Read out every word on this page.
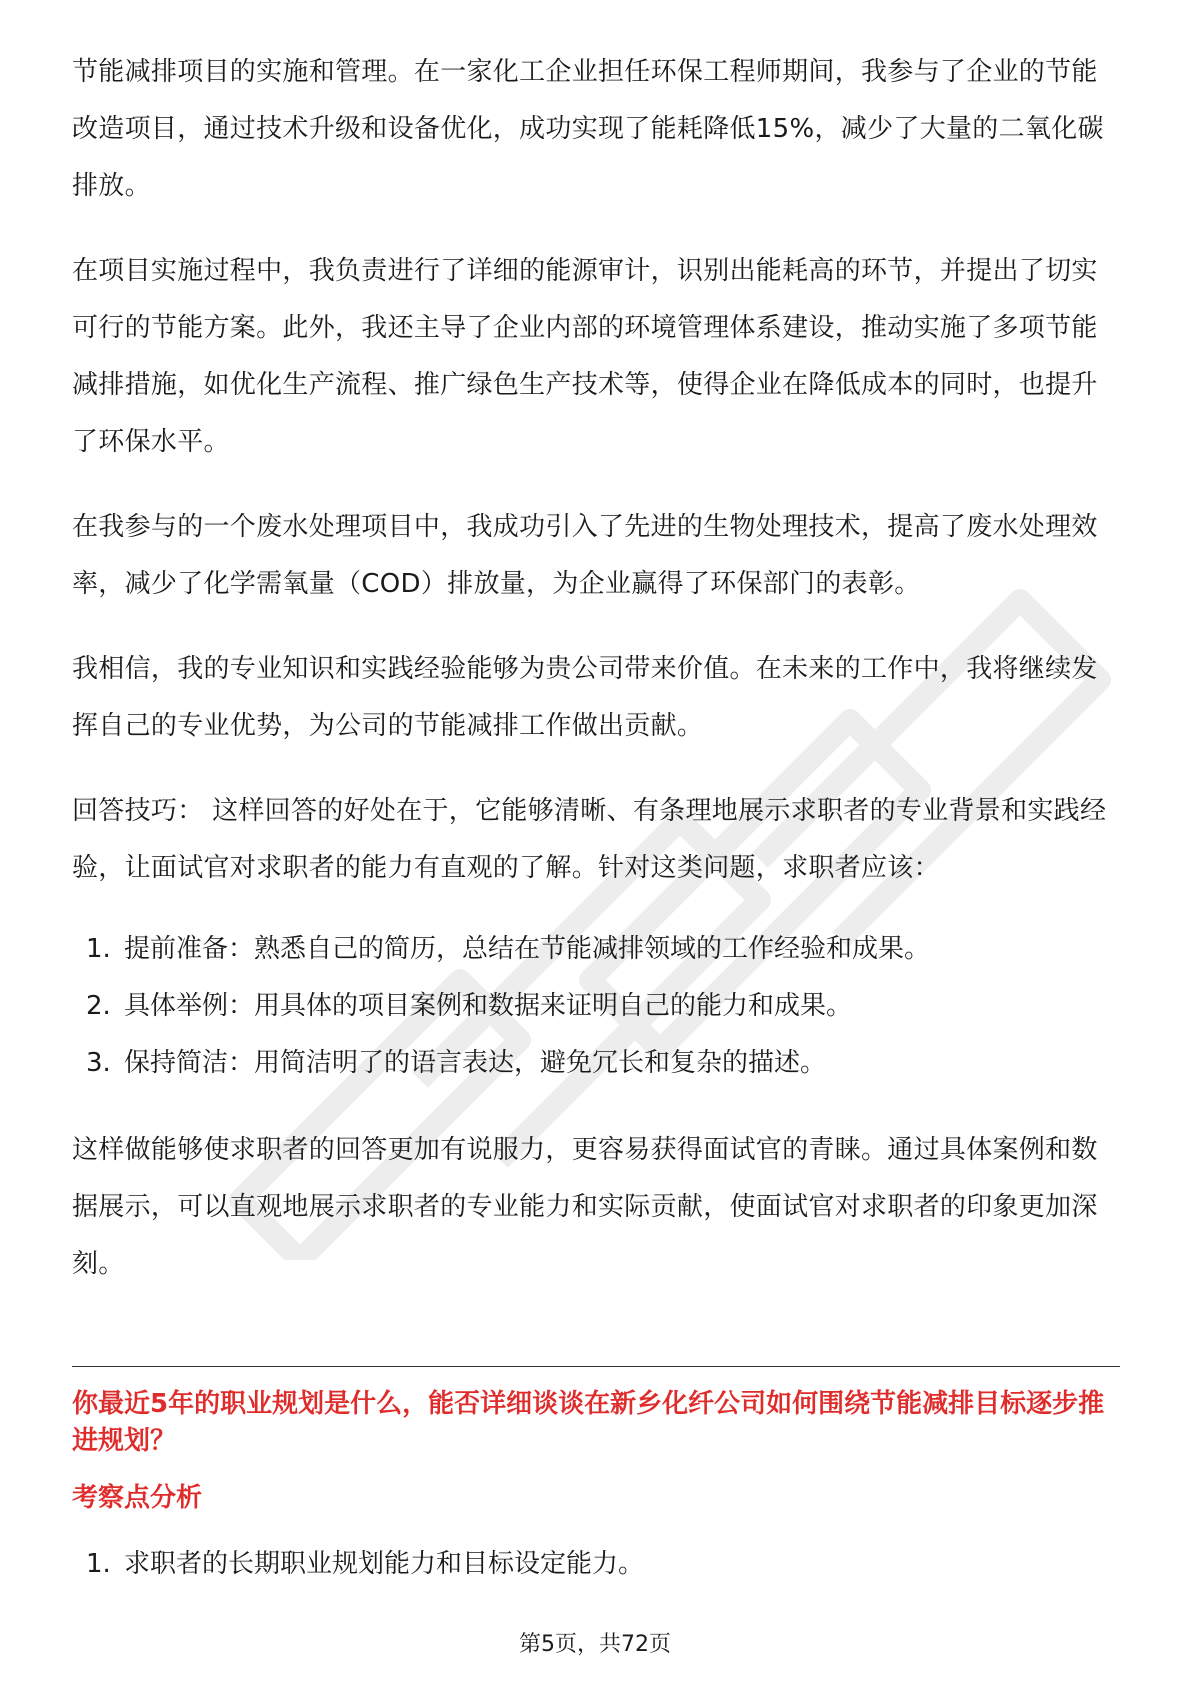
节能减排项目的实施和管理。在一家化工企业担任环保工程师期间，我参与了企业的节能改造项目，通过技术升级和设备优化，成功实现了能耗降低15%，减少了大量的二氧化碳排放。

在项目实施过程中，我负责进行了详细的能源审计，识别出能耗高的环节，并提出了切实可行的节能方案。此外，我还主导了企业内部的环境管理体系建设，推动实施了多项节能减排措施，如优化生产流程、推广绿色生产技术等，使得企业在降低成本的同时，也提升了环保水平。

在我参与的一个废水处理项目中，我成功引入了先进的生物处理技术，提高了废水处理效率，减少了化学需氧量（COD）排放量，为企业赢得了环保部门的表彰。

我相信，我的专业知识和实践经验能够为贵公司带来价值。在未来的工作中，我将继续发挥自己的专业优势，为公司的节能减排工作做出贡献。

回答技巧： 这样回答的好处在于，它能够清晰、有条理地展示求职者的专业背景和实践经验，让面试官对求职者的能力有直观的了解。针对这类问题，求职者应该：

1. 提前准备：熟悉自己的简历，总结在节能减排领域的工作经验和成果。
2. 具体举例：用具体的项目案例和数据来证明自己的能力和成果。
3. 保持简洁：用简洁明了的语言表达，避免冗长和复杂的描述。

这样做能够使求职者的回答更加有说服力，更容易获得面试官的青睐。通过具体案例和数据展示，可以直观地展示求职者的专业能力和实际贡献，使面试官对求职者的印象更加深刻。

你最近5年的职业规划是什么，能否详细谈谈在新乡化纤公司如何围绕节能减排目标逐步推进规划？

考察点分析

1. 求职者的长期职业规划能力和目标设定能力。
第5页，共72页
